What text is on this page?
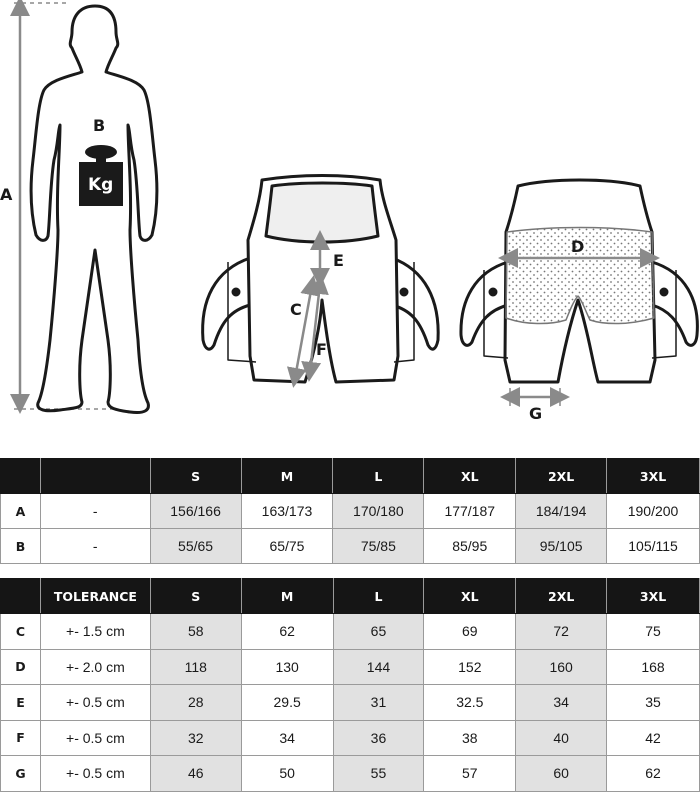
A
B
Kg
C
D
E
F
G
		S	M	L	XL	2XL	3XL
A	-	156/166	163/173	170/180	177/187	184/194	190/200
B	-	55/65	65/75	75/85	85/95	95/105	105/115
	TOLERANCE	S	M	L	XL	2XL	3XL
C	+- 1.5 cm	58	62	65	69	72	75
D	+- 2.0 cm	118	130	144	152	160	168
E	+- 0.5 cm	28	29.5	31	32.5	34	35
F	+- 0.5 cm	32	34	36	38	40	42
G	+- 0.5 cm	46	50	55	57	60	62
